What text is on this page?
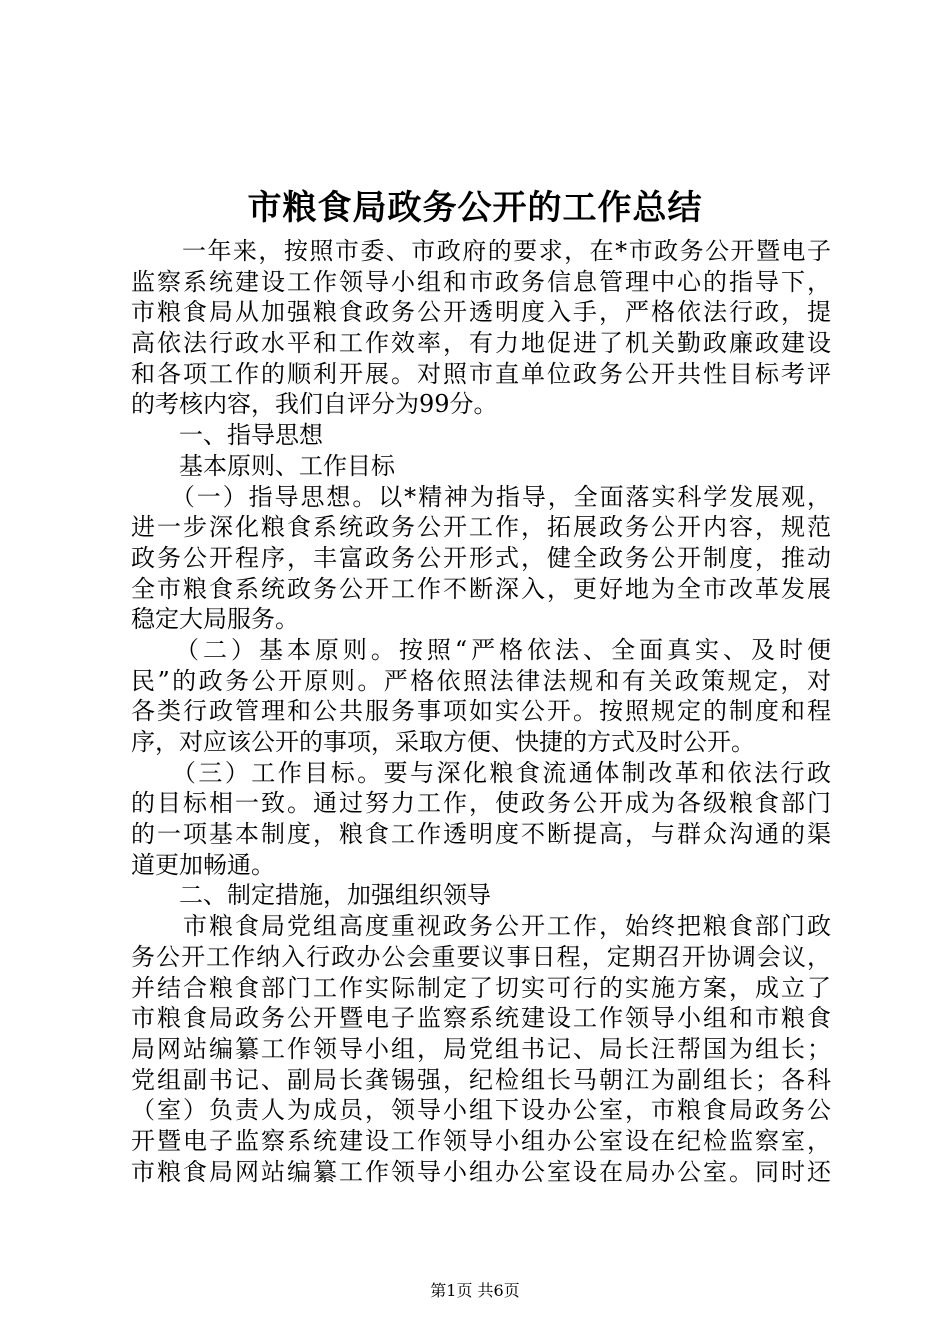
市粮食局政务公开的工作总结
　　一年来，按照市委、市政府的要求，在*市政务公开暨电子
监察系统建设工作领导小组和市政务信息管理中心的指导下，
市粮食局从加强粮食政务公开透明度入手，严格依法行政，提
高依法行政水平和工作效率，有力地促进了机关勤政廉政建设
和各项工作的顺利开展。对照市直单位政务公开共性目标考评
的考核内容，我们自评分为99分。
　　一、指导思想
　　基本原则、工作目标
　　（一）指导思想。以*精神为指导，全面落实科学发展观，
进一步深化粮食系统政务公开工作，拓展政务公开内容，规范
政务公开程序，丰富政务公开形式，健全政务公开制度，推动
全市粮食系统政务公开工作不断深入，更好地为全市改革发展
稳定大局服务。
　　（二）基本原则。按照“严格依法、全面真实、及时便
民”的政务公开原则。严格依照法律法规和有关政策规定，对
各类行政管理和公共服务事项如实公开。按照规定的制度和程
序，对应该公开的事项，采取方便、快捷的方式及时公开。
　　（三）工作目标。要与深化粮食流通体制改革和依法行政
的目标相一致。通过努力工作，使政务公开成为各级粮食部门
的一项基本制度，粮食工作透明度不断提高，与群众沟通的渠
道更加畅通。
　　二、制定措施，加强组织领导
　　市粮食局党组高度重视政务公开工作，始终把粮食部门政
务公开工作纳入行政办公会重要议事日程，定期召开协调会议，
并结合粮食部门工作实际制定了切实可行的实施方案，成立了
市粮食局政务公开暨电子监察系统建设工作领导小组和市粮食
局网站编纂工作领导小组，局党组书记、局长汪帮国为组长；
党组副书记、副局长龚锡强，纪检组长马朝江为副组长；各科
（室）负责人为成员，领导小组下设办公室，市粮食局政务公
开暨电子监察系统建设工作领导小组办公室设在纪检监察室，
市粮食局网站编纂工作领导小组办公室设在局办公室。同时还
第1页 共6页
